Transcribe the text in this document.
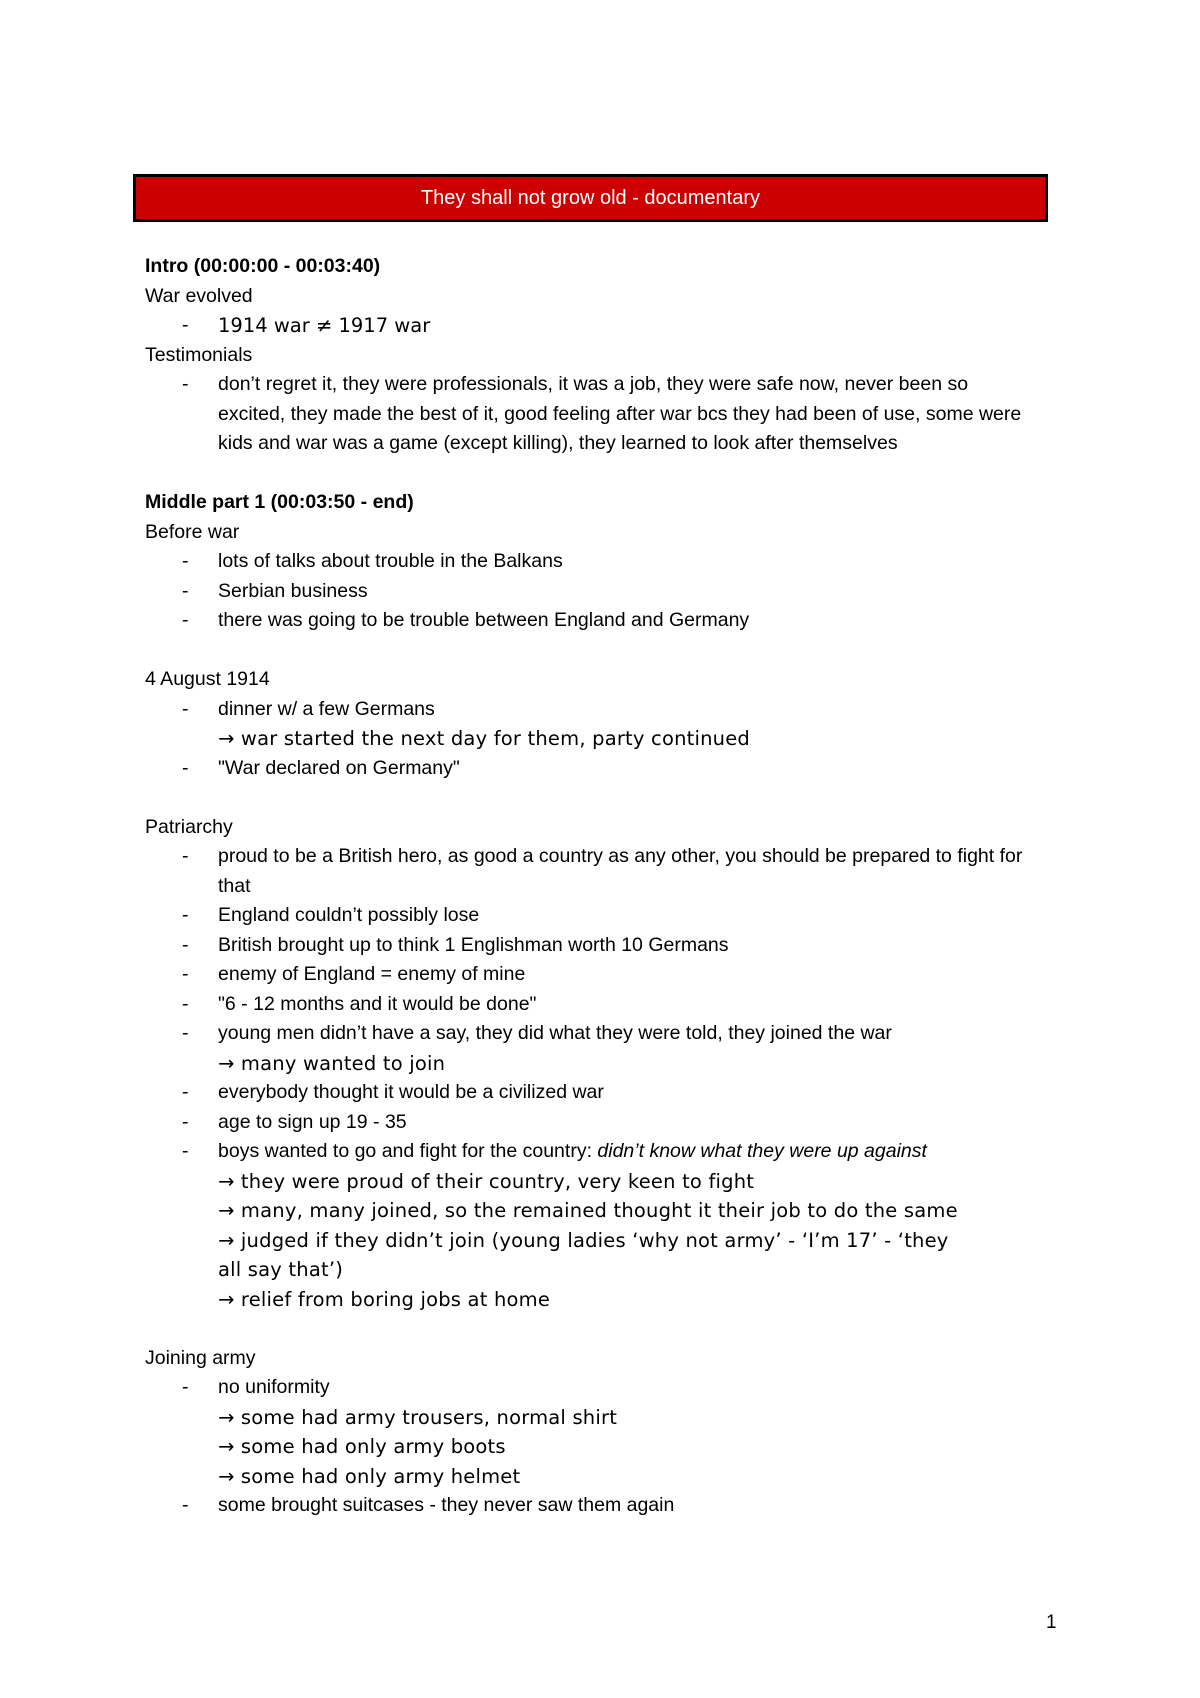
They shall not grow old - documentary
Intro (00:00:00 - 00:03:40)
War evolved
- 1914 war ≠ 1917 war
Testimonials
- don’t regret it, they were professionals, it was a job, they were safe now, never been so excited, they made the best of it, good feeling after war bcs they had been of use, some were kids and war was a game (except killing), they learned to look after themselves
Middle part 1 (00:03:50 - end)
Before war
- lots of talks about trouble in the Balkans
- Serbian business
- there was going to be trouble between England and Germany
4 August 1914
- dinner w/ a few Germans
→ war started the next day for them, party continued
- "War declared on Germany"
Patriarchy
- proud to be a British hero, as good a country as any other, you should be prepared to fight for that
- England couldn’t possibly lose
- British brought up to think 1 Englishman worth 10 Germans
- enemy of England = enemy of mine
- "6 - 12 months and it would be done"
- young men didn’t have a say, they did what they were told, they joined the war
→ many wanted to join
- everybody thought it would be a civilized war
- age to sign up 19 - 35
- boys wanted to go and fight for the country: didn’t know what they were up against
→ they were proud of their country, very keen to fight
→ many, many joined, so the remained thought it their job to do the same
→ judged if they didn’t join (young ladies ‘why not army’ - ‘I’m 17’ - ‘they
all say that’)
→ relief from boring jobs at home
Joining army
- no uniformity
→ some had army trousers, normal shirt
→ some had only army boots
→ some had only army helmet
- some brought suitcases - they never saw them again
1
